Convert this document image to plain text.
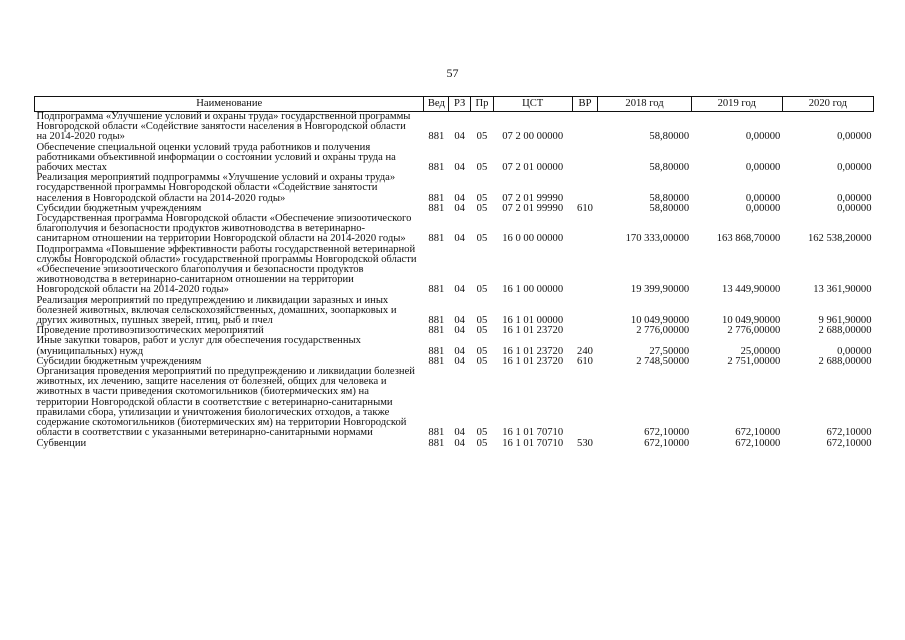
57
Наименование	Вед	РЗ	Пр	ЦСТ	ВР	2018 год	2019 год	2020 год
Подпрограмма «Улучшение условий и охраны труда» государственной программы Новгородской области «Содействие занятости населения в Новгородской области на 2014-2020 годы»	881	04	05	07 2 00 00000		58,80000	0,00000	0,00000
Обеспечение специальной оценки условий труда работников и получения работниками объективной информации о состоянии условий и охраны труда на рабочих местах	881	04	05	07 2 01 00000		58,80000	0,00000	0,00000
Реализация мероприятий подпрограммы «Улучшение условий и охраны труда» государственной программы Новгородской области «Содействие занятости населения в Новгородской области на 2014-2020 годы»	881	04	05	07 2 01 99990		58,80000	0,00000	0,00000
Субсидии бюджетным учреждениям	881	04	05	07 2 01 99990	610	58,80000	0,00000	0,00000
Государственная программа Новгородской области «Обеспечение эпизоотического благополучия и безопасности продуктов животноводства в ветеринарно-санитарном отношении на территории Новгородской области на 2014-2020 годы»	881	04	05	16 0 00 00000		170 333,00000	163 868,70000	162 538,20000
Подпрограмма «Повышение эффективности работы государственной ветеринарной службы Новгородской области» государственной программы Новгородской области «Обеспечение эпизоотического благополучия и безопасности продуктов животноводства в ветеринарно-санитарном отношении на территории Новгородской области на 2014-2020 годы»	881	04	05	16 1 00 00000		19 399,90000	13 449,90000	13 361,90000
Реализация мероприятий по предупреждению и ликвидации заразных и иных болезней животных, включая сельскохозяйственных, домашних, зоопарковых и других животных, пушных зверей, птиц, рыб и пчел	881	04	05	16 1 01 00000		10 049,90000	10 049,90000	9 961,90000
Проведение противоэпизоотических мероприятий	881	04	05	16 1 01 23720		2 776,00000	2 776,00000	2 688,00000
Иные закупки товаров, работ и услуг для обеспечения государственных (муниципальных) нужд	881	04	05	16 1 01 23720	240	27,50000	25,00000	0,00000
Субсидии бюджетным учреждениям	881	04	05	16 1 01 23720	610	2 748,50000	2 751,00000	2 688,00000
Организация проведения мероприятий по предупреждению и ликвидации болезней животных, их лечению, защите населения от болезней, общих для человека и животных в части приведения скотомогильников (биотермических ям) на территории Новгородской области в соответствие с ветеринарно-санитарными правилами сбора, утилизации и уничтожения биологических отходов, а также содержание скотомогильников (биотермических ям) на территории Новгородской области в соответствии с указанными ветеринарно-санитарными нормами	881	04	05	16 1 01 70710		672,10000	672,10000	672,10000
Субвенции	881	04	05	16 1 01 70710	530	672,10000	672,10000	672,10000
